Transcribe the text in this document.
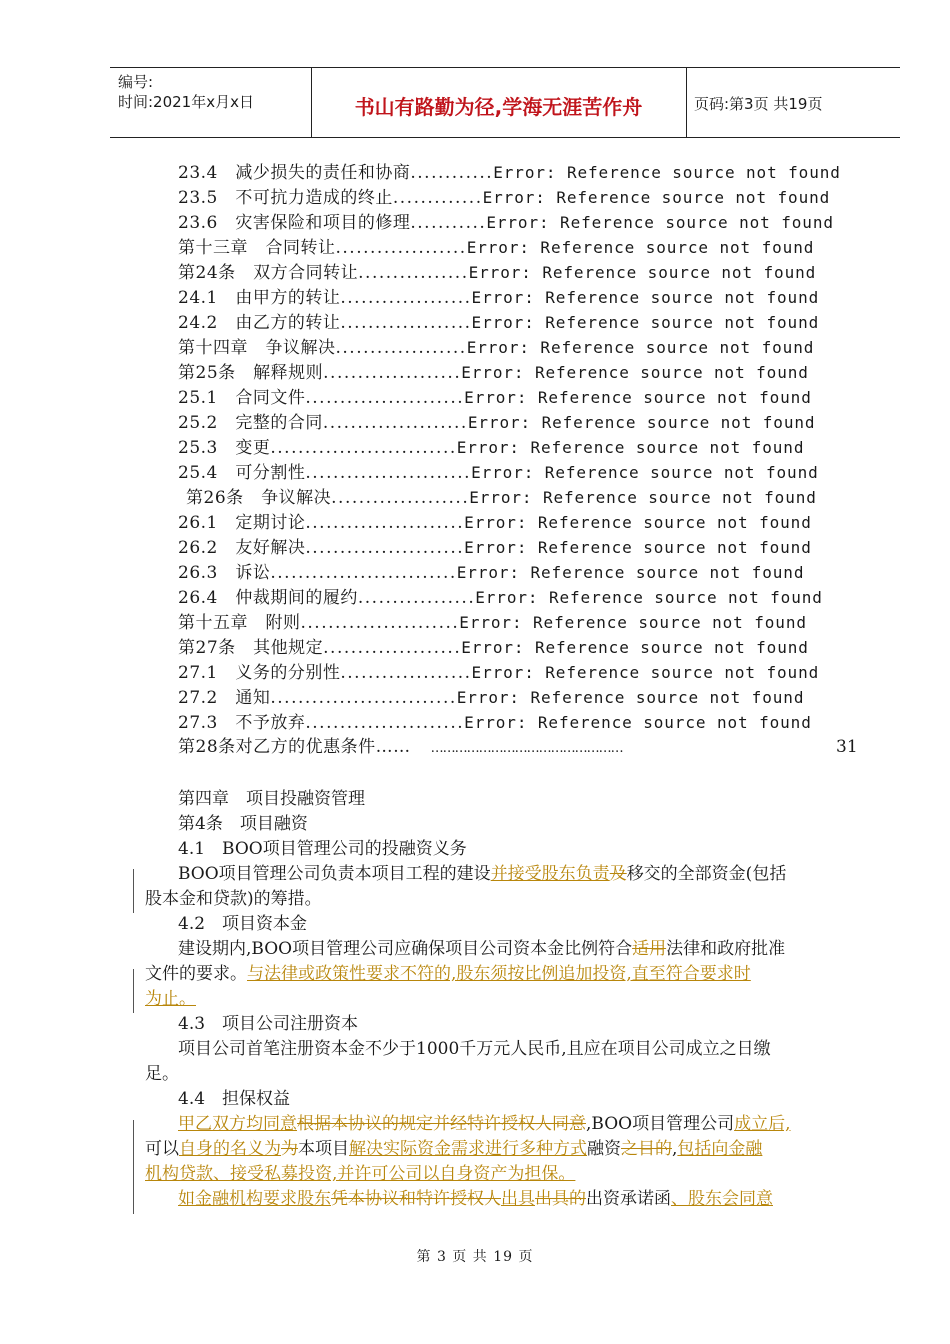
编号:
时间:2021年x月x日	书山有路勤为径,学海无涯苦作舟	页码:第3页 共19页
23.4　减少损失的责任和协商............Error: Reference source not found
23.5　不可抗力造成的终止.............Error: Reference source not found
23.6　灾害保险和项目的修理...........Error: Reference source not found
第十三章　合同转让...................Error: Reference source not found
第24条　双方合同转让................Error: Reference source not found
24.1　由甲方的转让...................Error: Reference source not found
24.2　由乙方的转让...................Error: Reference source not found
第十四章　争议解决...................Error: Reference source not found
第25条　解释规则....................Error: Reference source not found
25.1　合同文件.......................Error: Reference source not found
25.2　完整的合同.....................Error: Reference source not found
25.3　变更...........................Error: Reference source not found
25.4　可分割性........................Error: Reference source not found
第26条　争议解决....................Error: Reference source not found
26.1　定期讨论.......................Error: Reference source not found
26.2　友好解决.......................Error: Reference source not found
26.3　诉讼...........................Error: Reference source not found
26.4　仲裁期间的履约.................Error: Reference source not found
第十五章　附则.......................Error: Reference source not found
第27条　其他规定....................Error: Reference source not found
27.1　义务的分别性...................Error: Reference source not found
27.2　通知...........................Error: Reference source not found
27.3　不予放弃.......................Error: Reference source not found
第28条对乙方的优惠条件…… …………………………………………	31
第四章　项目投融资管理
第4条　项目融资
4.1　BOO项目管理公司的投融资义务
BOO项目管理公司负责本项目工程的建设并接受股东负责及移交的全部资金(包括
股本金和贷款)的筹措。
4.2　项目资本金
建设期内,BOO项目管理公司应确保项目公司资本金比例符合适用法律和政府批准
文件的要求。与法律或政策性要求不符的,股东须按比例追加投资,直至符合要求时
为止。
4.3　项目公司注册资本
项目公司首笔注册资本金不少于1000千万元人民币,且应在项目公司成立之日缴
足。
4.4　担保权益
甲乙双方均同意根据本协议的规定并经特许授权人同意,BOO项目管理公司成立后,
可以自身的名义为为本项目解决实际资金需求进行多种方式融资之目的,包括向金融
机构贷款、接受私募投资,并许可公司以自身资产为担保。
如金融机构要求股东凭本协议和特许授权人出具出具的出资承诺函、股东会同意
第 3 页 共 19 页
